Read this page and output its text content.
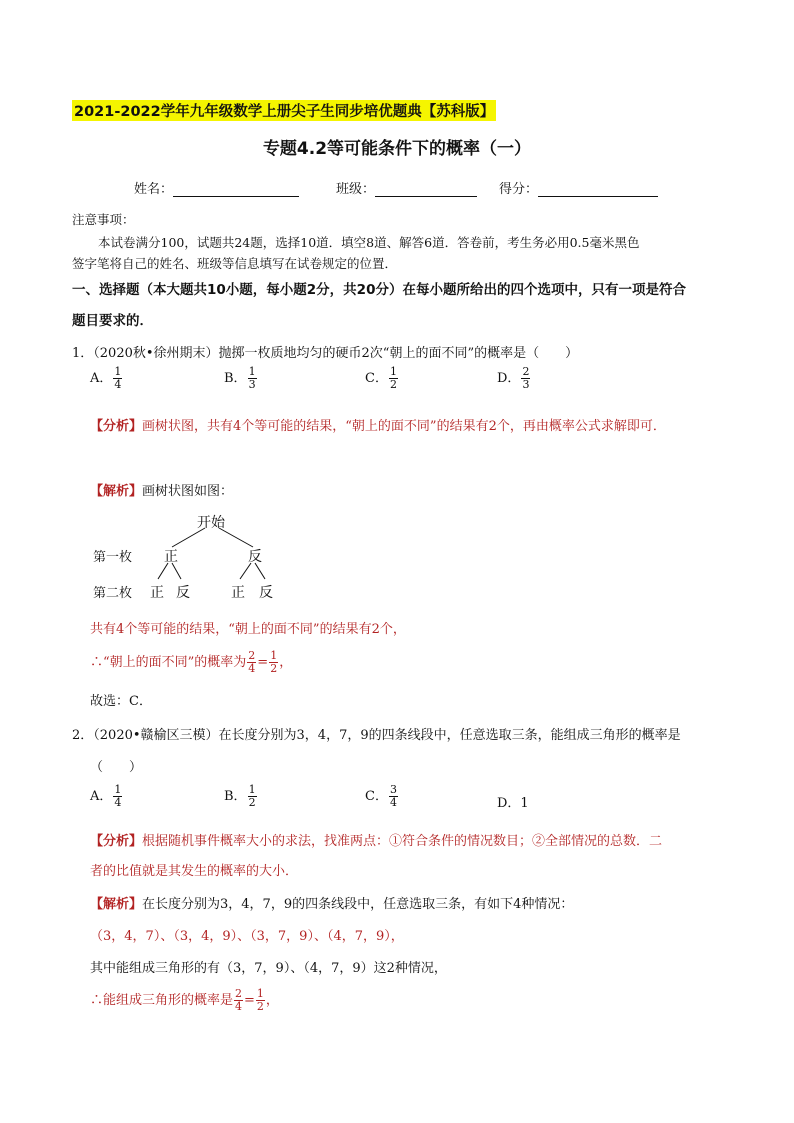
2021-2022学年九年级数学上册尖子生同步培优题典【苏科版】
专题4.2等可能条件下的概率（一）
姓名：	班级：	得分：
注意事项：
本试卷满分100，试题共24题，选择10道．填空8道、解答6道．答卷前，考生务必用0.5毫米黑色
签字笔将自己的姓名、班级等信息填写在试卷规定的位置．
一、选择题（本大题共10小题，每小题2分，共20分）在每小题所给出的四个选项中，只有一项是符合
题目要求的．
1．（2020秋•徐州期末）抛掷一枚质地均匀的硬币2次“朝上的面不同”的概率是（　　）
A． $\frac{1}{4}$	B． $\frac{1}{3}$	C． $\frac{1}{2}$	D． $\frac{2}{3}$
【分析】画树状图，共有4个等可能的结果，“朝上的面不同”的结果有2个，再由概率公式求解即可．
【解析】画树状图如图：
开始
第一枚 正	反
第二枚 正 反	正 反
共有4个等可能的结果，“朝上的面不同”的结果有2个，
∴“朝上的面不同”的概率为 $\frac{2}{4} = \frac{1}{2}$ ，
故选：C．
2．（2020•赣榆区三模）在长度分别为3，4，7，9的四条线段中，任意选取三条，能组成三角形的概率是
（　　）
A． $\frac{1}{4}$	B． $\frac{1}{2}$	C． $\frac{3}{4}$	D．1
【分析】根据随机事件概率大小的求法，找准两点：①符合条件的情况数目；②全部情况的总数．二
者的比值就是其发生的概率的大小．
【解析】在长度分别为3，4，7，9的四条线段中，任意选取三条，有如下4种情况：
（3，4，7）、（3，4，9）、（3，7，9）、（4，7，9），
其中能组成三角形的有（3，7，9）、（4，7，9）这2种情况，
∴能组成三角形的概率是 $\frac{2}{4} = \frac{1}{2}$ ，
